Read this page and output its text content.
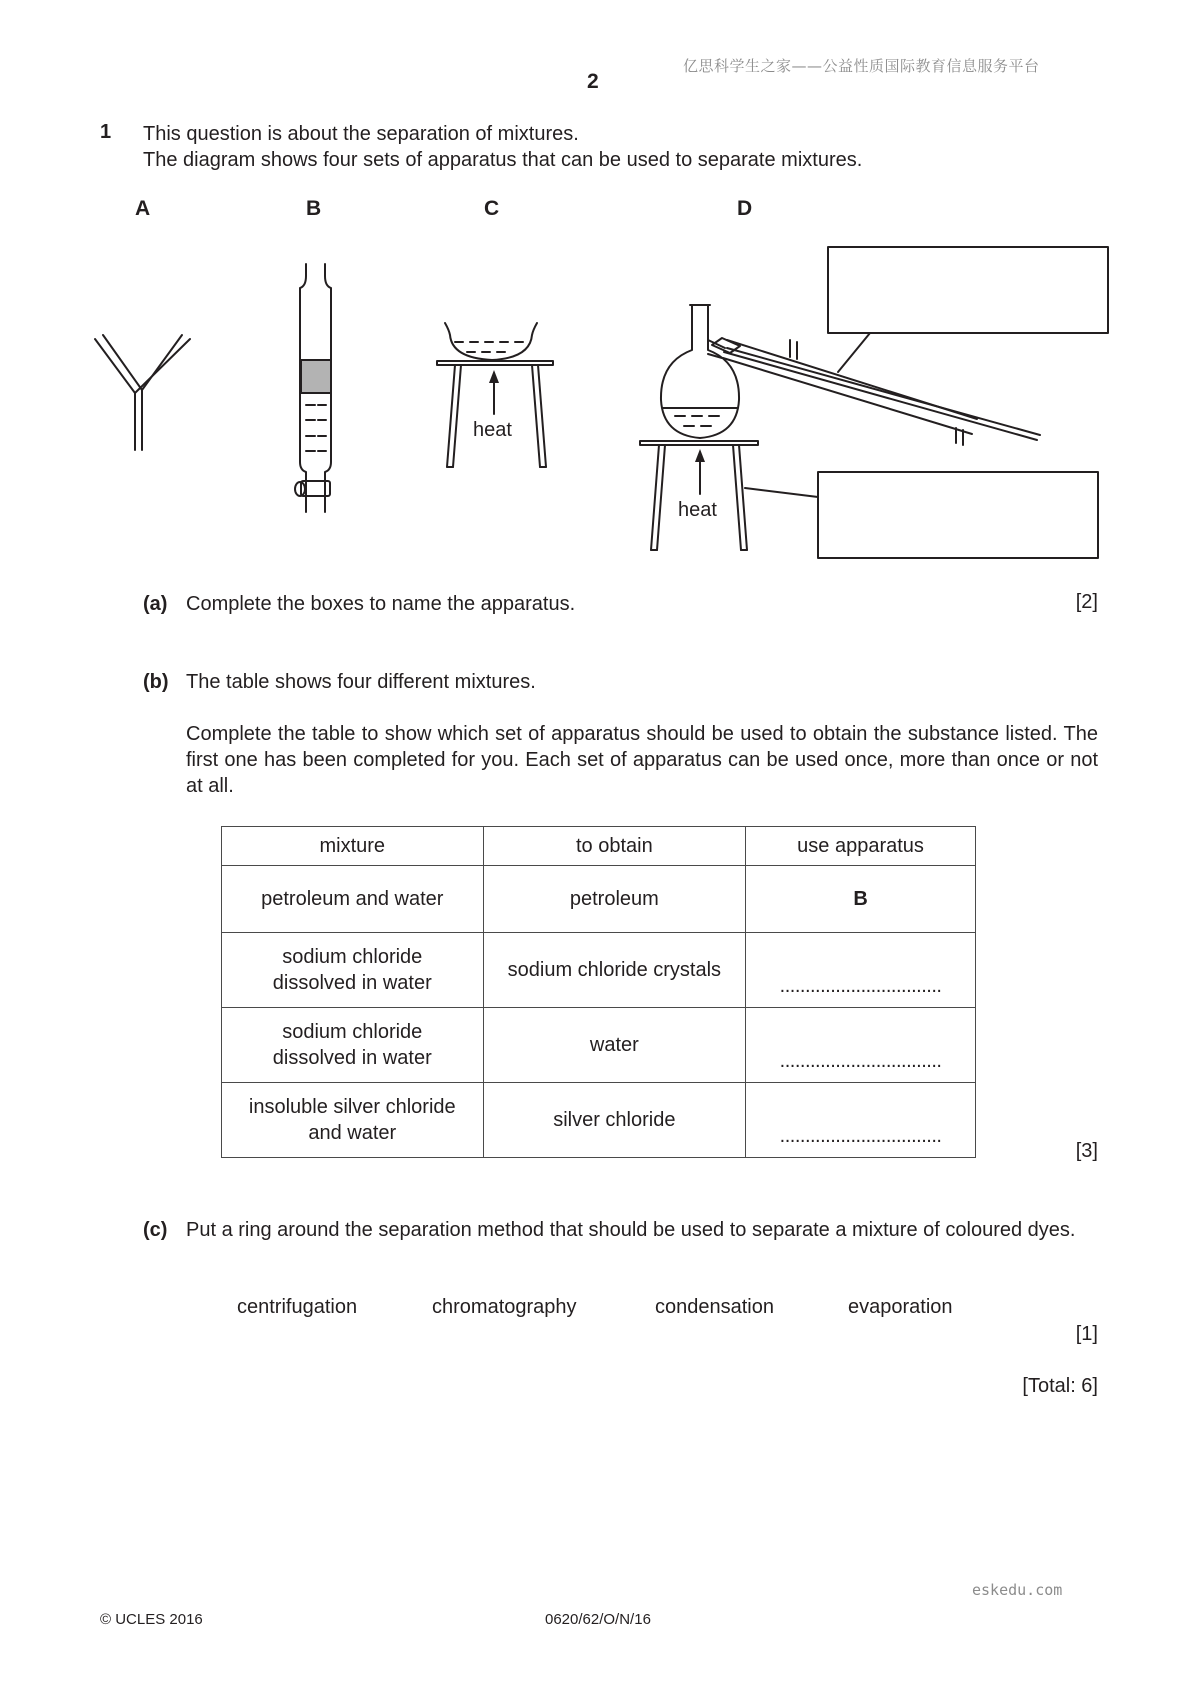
亿思科学生之家——公益性质国际教育信息服务平台
2
1 This question is about the separation of mixtures.
The diagram shows four sets of apparatus that can be used to separate mixtures.
A	B	C	D
heat
heat
(a) Complete the boxes to name the apparatus.	[2]
(b) The table shows four different mixtures.
Complete the table to show which set of apparatus should be used to obtain the substance listed. The first one has been completed for you. Each set of apparatus can be used once, more than once or not at all.
mixture	to obtain	use apparatus
petroleum and water	petroleum	B

sodium chloride
dissolved in water	sodium chloride crystals	................................

sodium chloride
dissolved in water	water	................................

insoluble silver chloride
and water	silver chloride	................................
[3]
(c) Put a ring around the separation method that should be used to separate a mixture of coloured dyes.
centrifugation	chromatography	condensation	evaporation
[1]
[Total: 6]
eskedu.com
© UCLES 2016	0620/62/O/N/16
